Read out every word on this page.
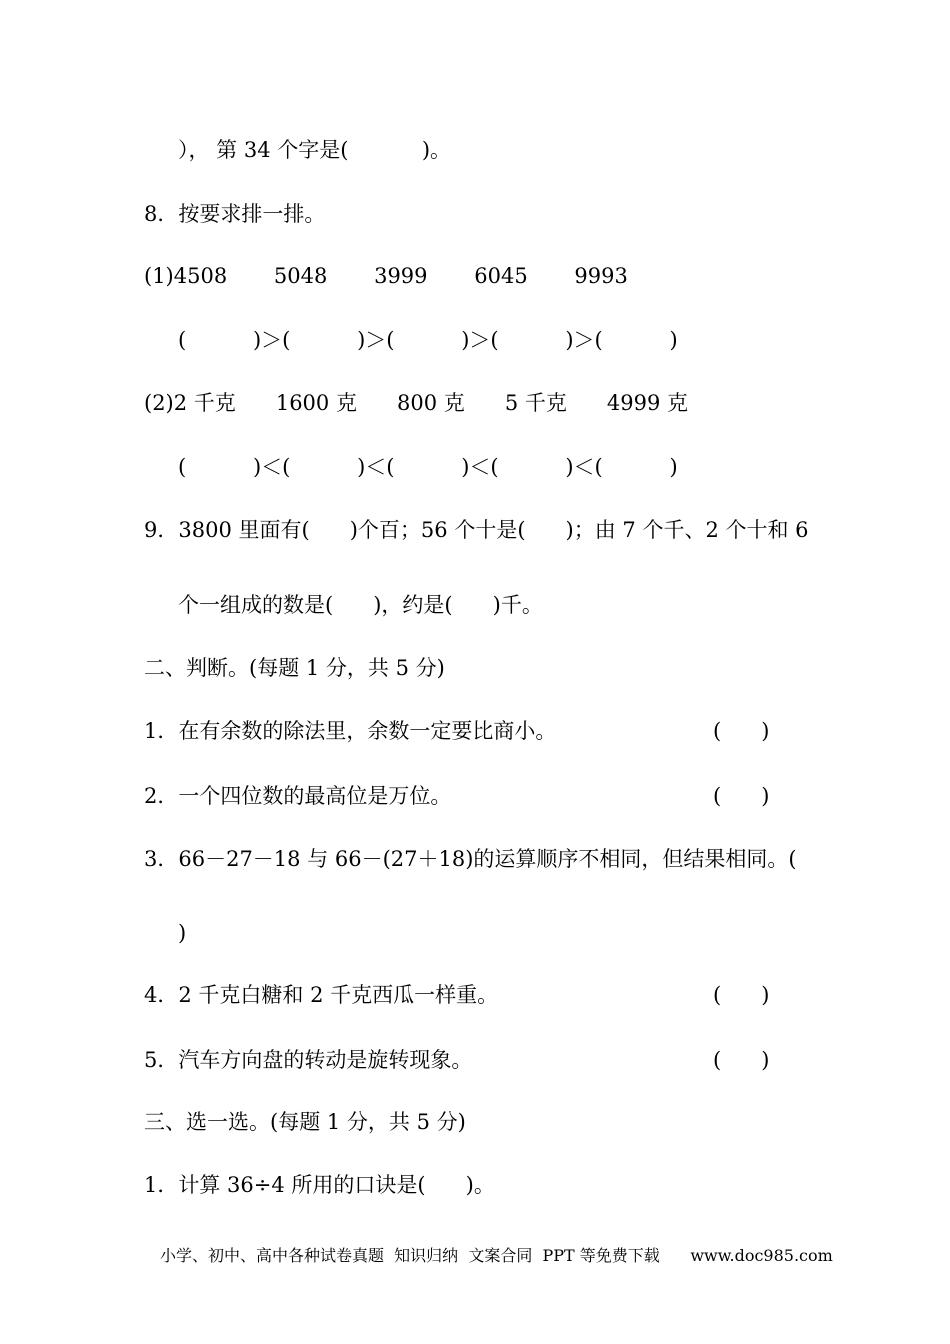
）， 第 34 个字是(           )。
8．按要求排一排。
(1)4508       5048       3999       6045       9993
(          )＞(          )＞(          )＞(          )＞(          )
(2)2 千克      1600 克      800 克      5 千克      4999 克
(          )＜(          )＜(          )＜(          )＜(          )
9．3800 里面有(      )个百；56 个十是(      )；由 7 个千、2 个十和 6
个一组成的数是(      )，约是(      )千。
二、判断。(每题 1 分，共 5 分)
1．在有余数的除法里，余数一定要比商小。	(      )
2．一个四位数的最高位是万位。	(      )
3．66－27－18 与 66－(27＋18)的运算顺序不相同，但结果相同。(
)
4．2 千克白糖和 2 千克西瓜一样重。	(      )
5．汽车方向盘的转动是旋转现象。	(      )
三、选一选。(每题 1 分，共 5 分)
1．计算 36÷4 所用的口诀是(      )。
小学、初中、高中各种试卷真题  知识归纳  文案合同  PPT 等免费下载      www.doc985.com
